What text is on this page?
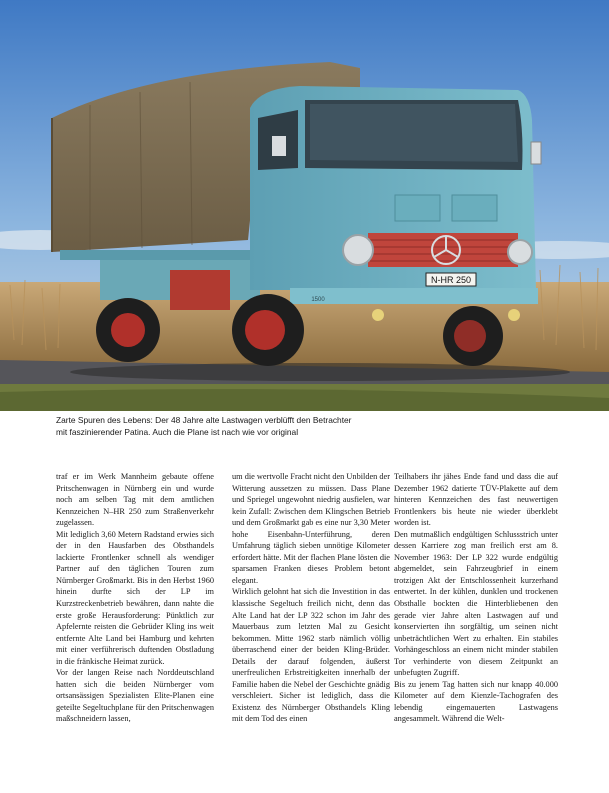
N-HR 250
1500
Zarte Spuren des Lebens: Der 48 Jahre alte Lastwagen verblüfft den Betrachter
mit faszinierender Patina. Auch die Plane ist nach wie vor original

traf er im Werk Mannheim gebaute offene Pritschenwagen in Nürnberg ein und wurde noch am selben Tag mit dem amtlichen Kennzeichen N–HR 250 zum Straßenverkehr zugelassen.

Mit lediglich 3,60 Metern Radstand erwies sich der in den Hausfarben des Obsthandels lackierte Frontlenker schnell als wendiger Partner auf den täglichen Touren zum Nürnberger Großmarkt. Bis in den Herbst 1960 hinein durfte sich der LP im Kurzstreckenbetrieb bewähren, dann nahte die erste große Herausforderung: Pünktlich zur Apfelernte reisten die Gebrüder Kling ins weit entfernte Alte Land bei Hamburg und kehrten mit einer verführerisch duftenden Obstladung in die fränkische Heimat zurück.

Vor der langen Reise nach Norddeutschland hatten sich die beiden Nürnberger vom ortsansässigen Spezialisten Elite-Planen eine geteilte Segeltuchplane für den Pritschenwagen maßschneidern lassen,

um die wertvolle Fracht nicht den Unbilden der Witterung aussetzen zu müssen. Dass Plane und Spriegel ungewohnt niedrig ausfielen, war kein Zufall: Zwischen dem Klingschen Betrieb und dem Großmarkt gab es eine nur 3,30 Meter hohe Eisenbahn-Unterführung, deren Umfahrung täglich sieben unnötige Kilometer erfordert hätte. Mit der flachen Plane lösten die sparsamen Franken dieses Problem betont elegant.

Wirklich gelohnt hat sich die Investition in das klassische Segeltuch freilich nicht, denn das Alte Land hat der LP 322 schon im Jahr des Mauerbaus zum letzten Mal zu Gesicht bekommen. Mitte 1962 starb nämlich völlig überraschend einer der beiden Kling-Brüder. Details der darauf folgenden, äußerst unerfreulichen Erbstreitigkeiten innerhalb der Familie haben die Nebel der Geschichte gnädig verschleiert. Sicher ist lediglich, dass die Existenz des Nürnberger Obsthandels Kling mit dem Tod des einen

Teilhabers ihr jähes Ende fand und dass die auf Dezember 1962 datierte TÜV-Plakette auf dem hinteren Kennzeichen des fast neuwertigen Frontlenkers bis heute nie wieder überklebt worden ist.

Den mutmaßlich endgültigen Schlussstrich unter dessen Karriere zog man freilich erst am 8. November 1963: Der LP 322 wurde endgültig abgemeldet, sein Fahrzeugbrief in einem trotzigen Akt der Entschlossenheit kurzerhand entwertet. In der kühlen, dunklen und trockenen Obsthalle bockten die Hinterbliebenen den gerade vier Jahre alten Lastwagen auf und konservierten ihn sorgfältig, um seinen nicht unbeträchtlichen Wert zu erhalten. Ein stabiles Vorhängeschloss an einem nicht minder stabilen Tor verhinderte von diesem Zeitpunkt an unbefugten Zugriff.

Bis zu jenem Tag hatten sich nur knapp 40.000 Kilometer auf dem Kienzle-Tachografen des lebendig eingemauerten Lastwagens angesammelt. Während die Welt-
